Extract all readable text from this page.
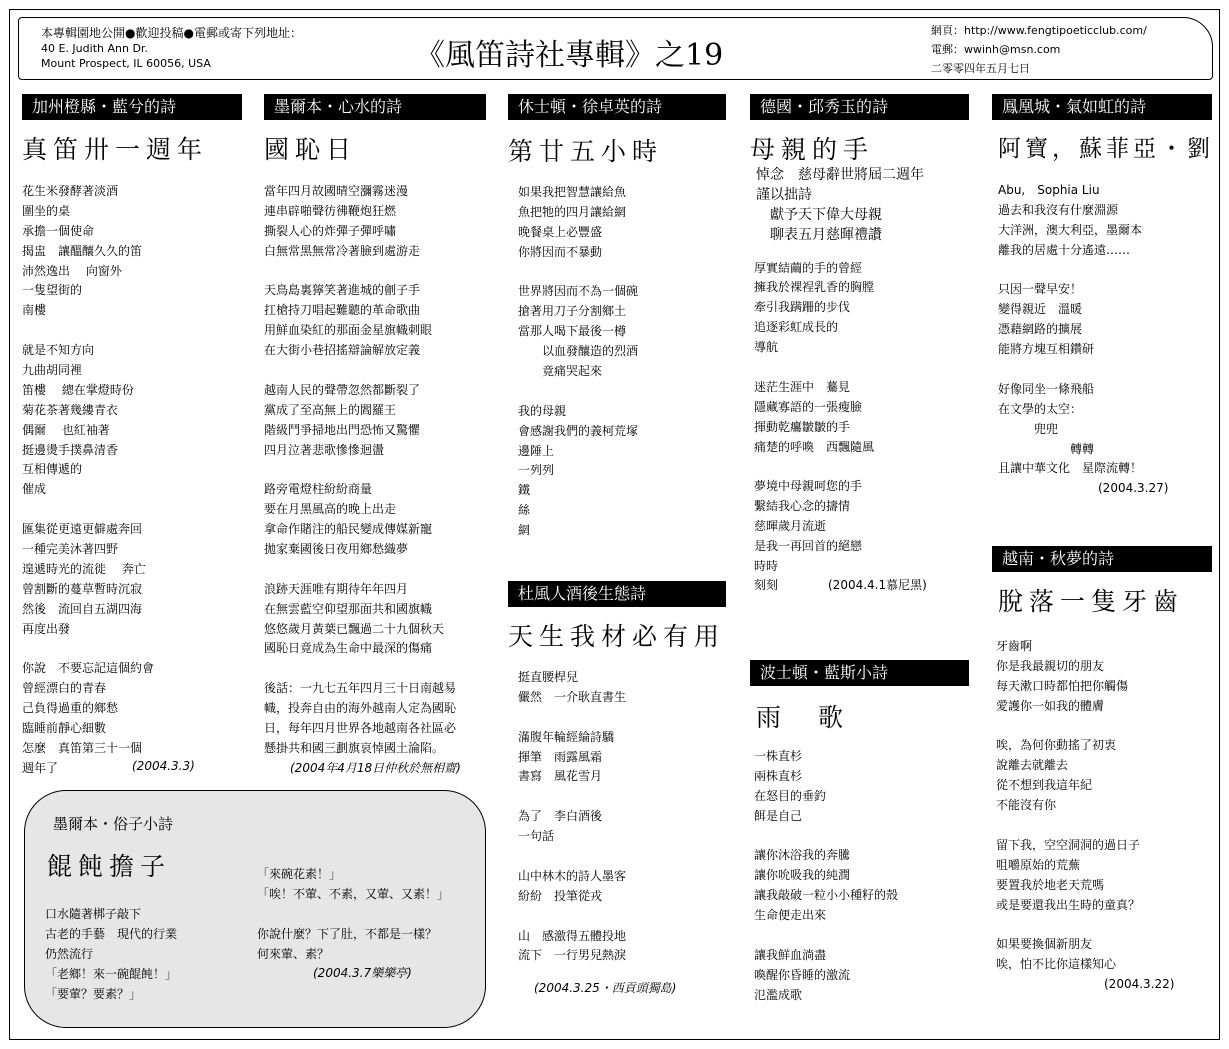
本專輯園地公開●歡迎投稿●電郵或寄下列地址：
40 E. Judith Ann Dr.
Mount Prospect, IL 60056, USA	《風笛詩社專輯》之19
網頁：http://www.fengtipoeticclub.com/
電郵：wwinh@msn.com
二零零四年五月七日
加州橙縣・藍兮的詩
真笛卅一週年
花生米發酵著淡酒
圍坐的桌
承擔一個使命
揭盅　讓醞釀久久的笛
沛然逸出　 向窗外
一隻望街的
南樓

就是不知方向
九曲胡同裡
笛樓　 總在掌燈時份
菊花茶著幾縷青衣
偶爾　 也紅袖著
挺邊燙手撲鼻清香
互相傳遞的
催成

匯集從更遠更僻處奔回
一種完美沐著四野
遑遞時光的流徙　 奔亡
曾割斷的蔓草暫時沉寂
然後　流回自五湖四海
再度出發

你說　不要忘記這個約會
曾經漂白的青春
己負得過重的鄉愁
臨睡前靜心細數
怎麼　真笛第三十一個
週年了	(2004.3.3)
墨爾本・心水的詩
國恥日
當年四月故國晴空瀰霧迷漫
連串辟啪聲彷彿鞭炮狂燃
撕裂人心的炸彈子彈呼嘯
白無常黑無常冷著臉到處游走

天鳥島裏獰笑著進城的劊子手
扛槍持刀唱起難聽的革命歌曲
用鮮血染紅的那面金星旗幟刺眼
在大街小巷招搖辯論解放定義

越南人民的聲帶忽然都斷裂了
黨成了至高無上的閻羅王
階級鬥爭掃地出門恐怖又驚懼
四月泣著悲歌慘慘迴盪

路旁電燈柱紛紛商量
要在月黑風高的晚上出走
拿命作賭注的船民變成傳媒新寵
拋家棄國後日夜用鄉愁織夢

浪跡天涯唯有期待年年四月
在無雲藍空仰望那面共和國旗幟
悠悠歲月黃葉已飄過二十九個秋天
國恥日竟成為生命中最深的傷痛

後話：一九七五年四月三十日南越易
幟，投奔自由的海外越南人定為國恥
日，每年四月世界各地越南各社區必
懸掛共和國三劃旗哀悼國土淪陷。
(2004年4月18日仲秋於無相齋)
休士頓・徐卓英的詩
第廿五小時
如果我把智慧讓給魚
魚把牠的四月讓給網
晚餐桌上必豐盛
你將因而不暴動

世界將因而不為一個碗
搶著用刀子分割鄉土
當那人喝下最後一樽
　　以血發釀造的烈酒
　　竟痛哭起來

我的母親
會感謝我們的義柯荒塚
邊陲上
一列列
鐵
絲
網
杜風人酒後生態詩
天生我材必有用
挺直腰桿兒
儼然　一介耿直書生

滿腹年輪經綸詩驕
揮筆　雨露風霜
書寫　風花雪月

為了　李白酒後
一句話

山中林木的詩人墨客
紛紛　投筆從戎

山　感激得五體投地
流下　一行男兒熱淚
(2004.3.25・西貢頭獨島)
德國・邱秀玉的詩
母親的手
悼念　慈母辭世將屆二週年
謹以拙詩
　獻予天下偉大母親
　聊表五月慈暉禮讚
厚實結繭的手的曾經
擁我於裸裎乳香的胸膛
牽引我蹒跚的步伐
追逐彩虹成長的
導航

迷茫生涯中　驀見
隱藏寡語的一張瘦臉
揮動乾癟皺皺的手
痛楚的呼喚　西飄隨風

夢境中母親呵您的手
繫結我心念的擣情
慈暉歲月流逝
是我一再回首的絕戀
時時
刻刻	(2004.4.1慕尼黑)
波士頓・藍斯小詩
雨　歌
一株直杉
兩株直杉
在怒目的垂釣
餌是自己

讓你沐浴我的奔騰
讓你吮吸我的純潤
讓我敲破一粒小小種籽的殼
生命便走出來

讓我鮮血淌盡
喚醒你昏睡的激流
氾濫成歌
鳳凰城・氣如虹的詩
阿寶，蘇菲亞・劉
Abu,　Sophia Liu
過去和我沒有什麼淵源
大洋洲，澳大利亞，墨爾本
離我的居處十分遙遠……

只因一聲早安！
變得親近　溫暖
憑藉網路的擴展
能將方塊互相鑽研

好像同坐一條飛船
在文學的太空：
　　　兜兜
　　　　　　轉轉
且讓中華文化　星際流轉！
(2004.3.27)
越南・秋夢的詩
脫落一隻牙齒
牙齒啊
你是我最親切的朋友
每天漱口時都怕把你觸傷
愛護你一如我的體膚

唉，為何你動搖了初衷
說離去就離去
從不想到我這年紀
不能沒有你

留下我，空空洞洞的過日子
咀嚼原始的荒蕪
要置我於地老天荒嗎
或是要還我出生時的童真？

如果要換個新朋友
唉，怕不比你這樣知心
(2004.3.22)
墨爾本・俗子小詩
餛飩擔子
口水隨著梆子敲下
古老的手藝　現代的行業
仍然流行
「老鄉！來一碗餛飩！」
「要葷？要素？」
「來碗花素！」
「唉！不葷、不素，又葷、又素！」

你說什麼？下了肚，不都是一樣？
何來葷、素？
(2004.3.7樂樂亭)
